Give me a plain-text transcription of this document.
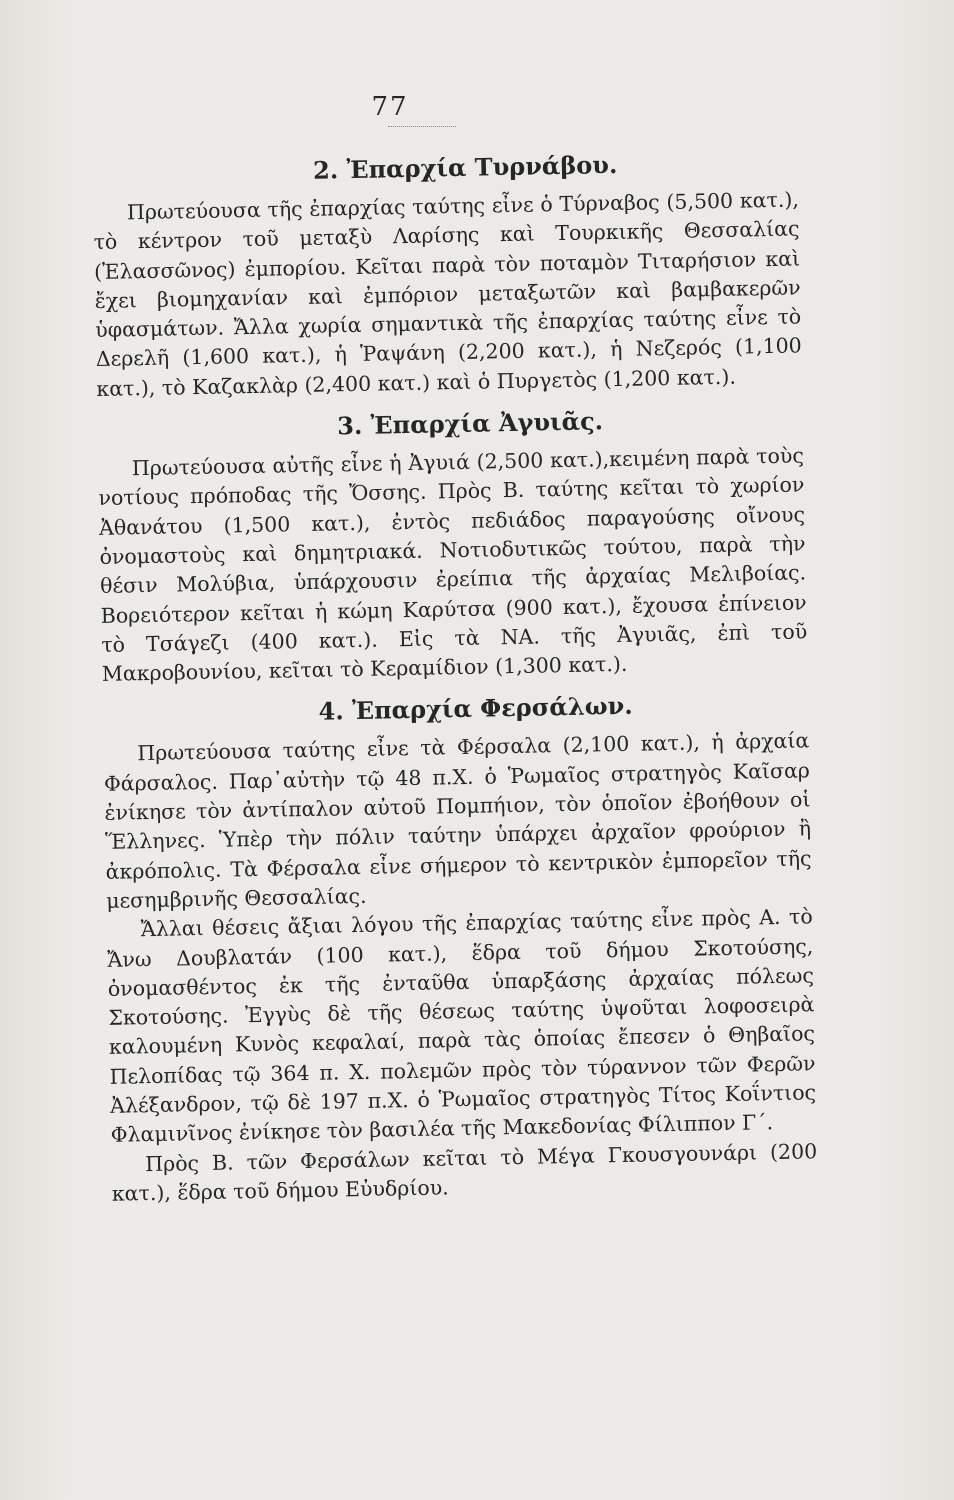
77
2. Ἐπαρχία Τυρνάβου.

Πρωτεύουσα τῆς ἐπαρχίας ταύτης εἶνε ὁ Τύρναβος (5,500 κατ.), τὸ κέντρον τοῦ μεταξὺ Λαρίσης καὶ Τουρκικῆς Θεσσαλίας (Ἐλασσῶνος) ἐμπορίου. Κεῖται παρὰ τὸν ποταμὸν Τιταρήσιον καὶ ἔχει βιομηχανίαν καὶ ἐμπόριον μεταξωτῶν καὶ βαμβακερῶν ὑφασμάτων. Ἄλλα χωρία σημαντικὰ τῆς ἐπαρχίας ταύτης εἶνε τὸ Δερελῆ (1,600 κατ.), ἡ Ῥαψάνη (2,200 κατ.), ἡ Νεζερός (1,100 κατ.), τὸ Καζακλὰρ (2,400 κατ.) καὶ ὁ Πυργετὸς (1,200 κατ.).

3. Ἐπαρχία Ἀγυιᾶς.

Πρωτεύουσα αὐτῆς εἶνε ἡ Ἀγυιά (2,500 κατ.),κειμένη παρὰ τοὺς νοτίους πρόποδας τῆς Ὄσσης. Πρὸς Β. ταύτης κεῖται τὸ χωρίον Ἀθανάτου (1,500 κατ.), ἐντὸς πεδιάδος παραγούσης οἴνους ὀνομαστοὺς καὶ δημητριακά. Νοτιοδυτικῶς τούτου, παρὰ τὴν θέσιν Μολύβια, ὑπάρχουσιν ἐρείπια τῆς ἀρχαίας Μελιβοίας. Βορειότερον κεῖται ἡ κώμη Καρύτσα (900 κατ.), ἔχουσα ἐπίνειον τὸ Τσάγεζι (400 κατ.). Εἰς τὰ ΝΑ. τῆς Ἀγυιᾶς, ἐπὶ τοῦ Μακροβουνίου, κεῖται τὸ Κεραμίδιον (1,300 κατ.).

4. Ἐπαρχία Φερσάλων.

Πρωτεύουσα ταύτης εἶνε τὰ Φέρσαλα (2,100 κατ.), ἡ ἀρχαία Φάρσαλος. Παρ᾽αὐτὴν τῷ 48 π.Χ. ὁ Ῥωμαῖος στρατηγὸς Καῖσαρ ἐνίκησε τὸν ἀντίπαλον αὐτοῦ Πομπήιον, τὸν ὁποῖον ἐβοήθουν οἱ Ἕλληνες. Ὑπὲρ τὴν πόλιν ταύτην ὑπάρχει ἀρχαῖον φρούριον ἢ ἀκρόπολις. Τὰ Φέρσαλα εἶνε σήμερον τὸ κεντρικὸν ἐμπορεῖον τῆς μεσημβρινῆς Θεσσαλίας.

Ἄλλαι θέσεις ἄξιαι λόγου τῆς ἐπαρχίας ταύτης εἶνε πρὸς Α. τὸ Ἄνω Δουβλατάν (100 κατ.), ἕδρα τοῦ δήμου Σκοτούσης, ὀνομασθέντος ἐκ τῆς ἐνταῦθα ὑπαρξάσης ἀρχαίας πόλεως Σκοτούσης. Ἐγγὺς δὲ τῆς θέσεως ταύτης ὑψοῦται λοφοσειρὰ καλουμένη Κυνὸς κεφαλαί, παρὰ τὰς ὁποίας ἔπεσεν ὁ Θηβαῖος Πελοπίδας τῷ 364 π. Χ. πολεμῶν πρὸς τὸν τύραννον τῶν Φερῶν Ἀλέξανδρον, τῷ δὲ 197 π.Χ. ὁ Ῥωμαῖος στρατηγὸς Τίτος Κοΐντιος Φλαμινῖνος ἐνίκησε τὸν βασιλέα τῆς Μακεδονίας Φίλιππον Γ΄.

Πρὸς Β. τῶν Φερσάλων κεῖται τὸ Μέγα Γκουσγουνάρι (200 κατ.), ἕδρα τοῦ δήμου Εὐυδρίου.
